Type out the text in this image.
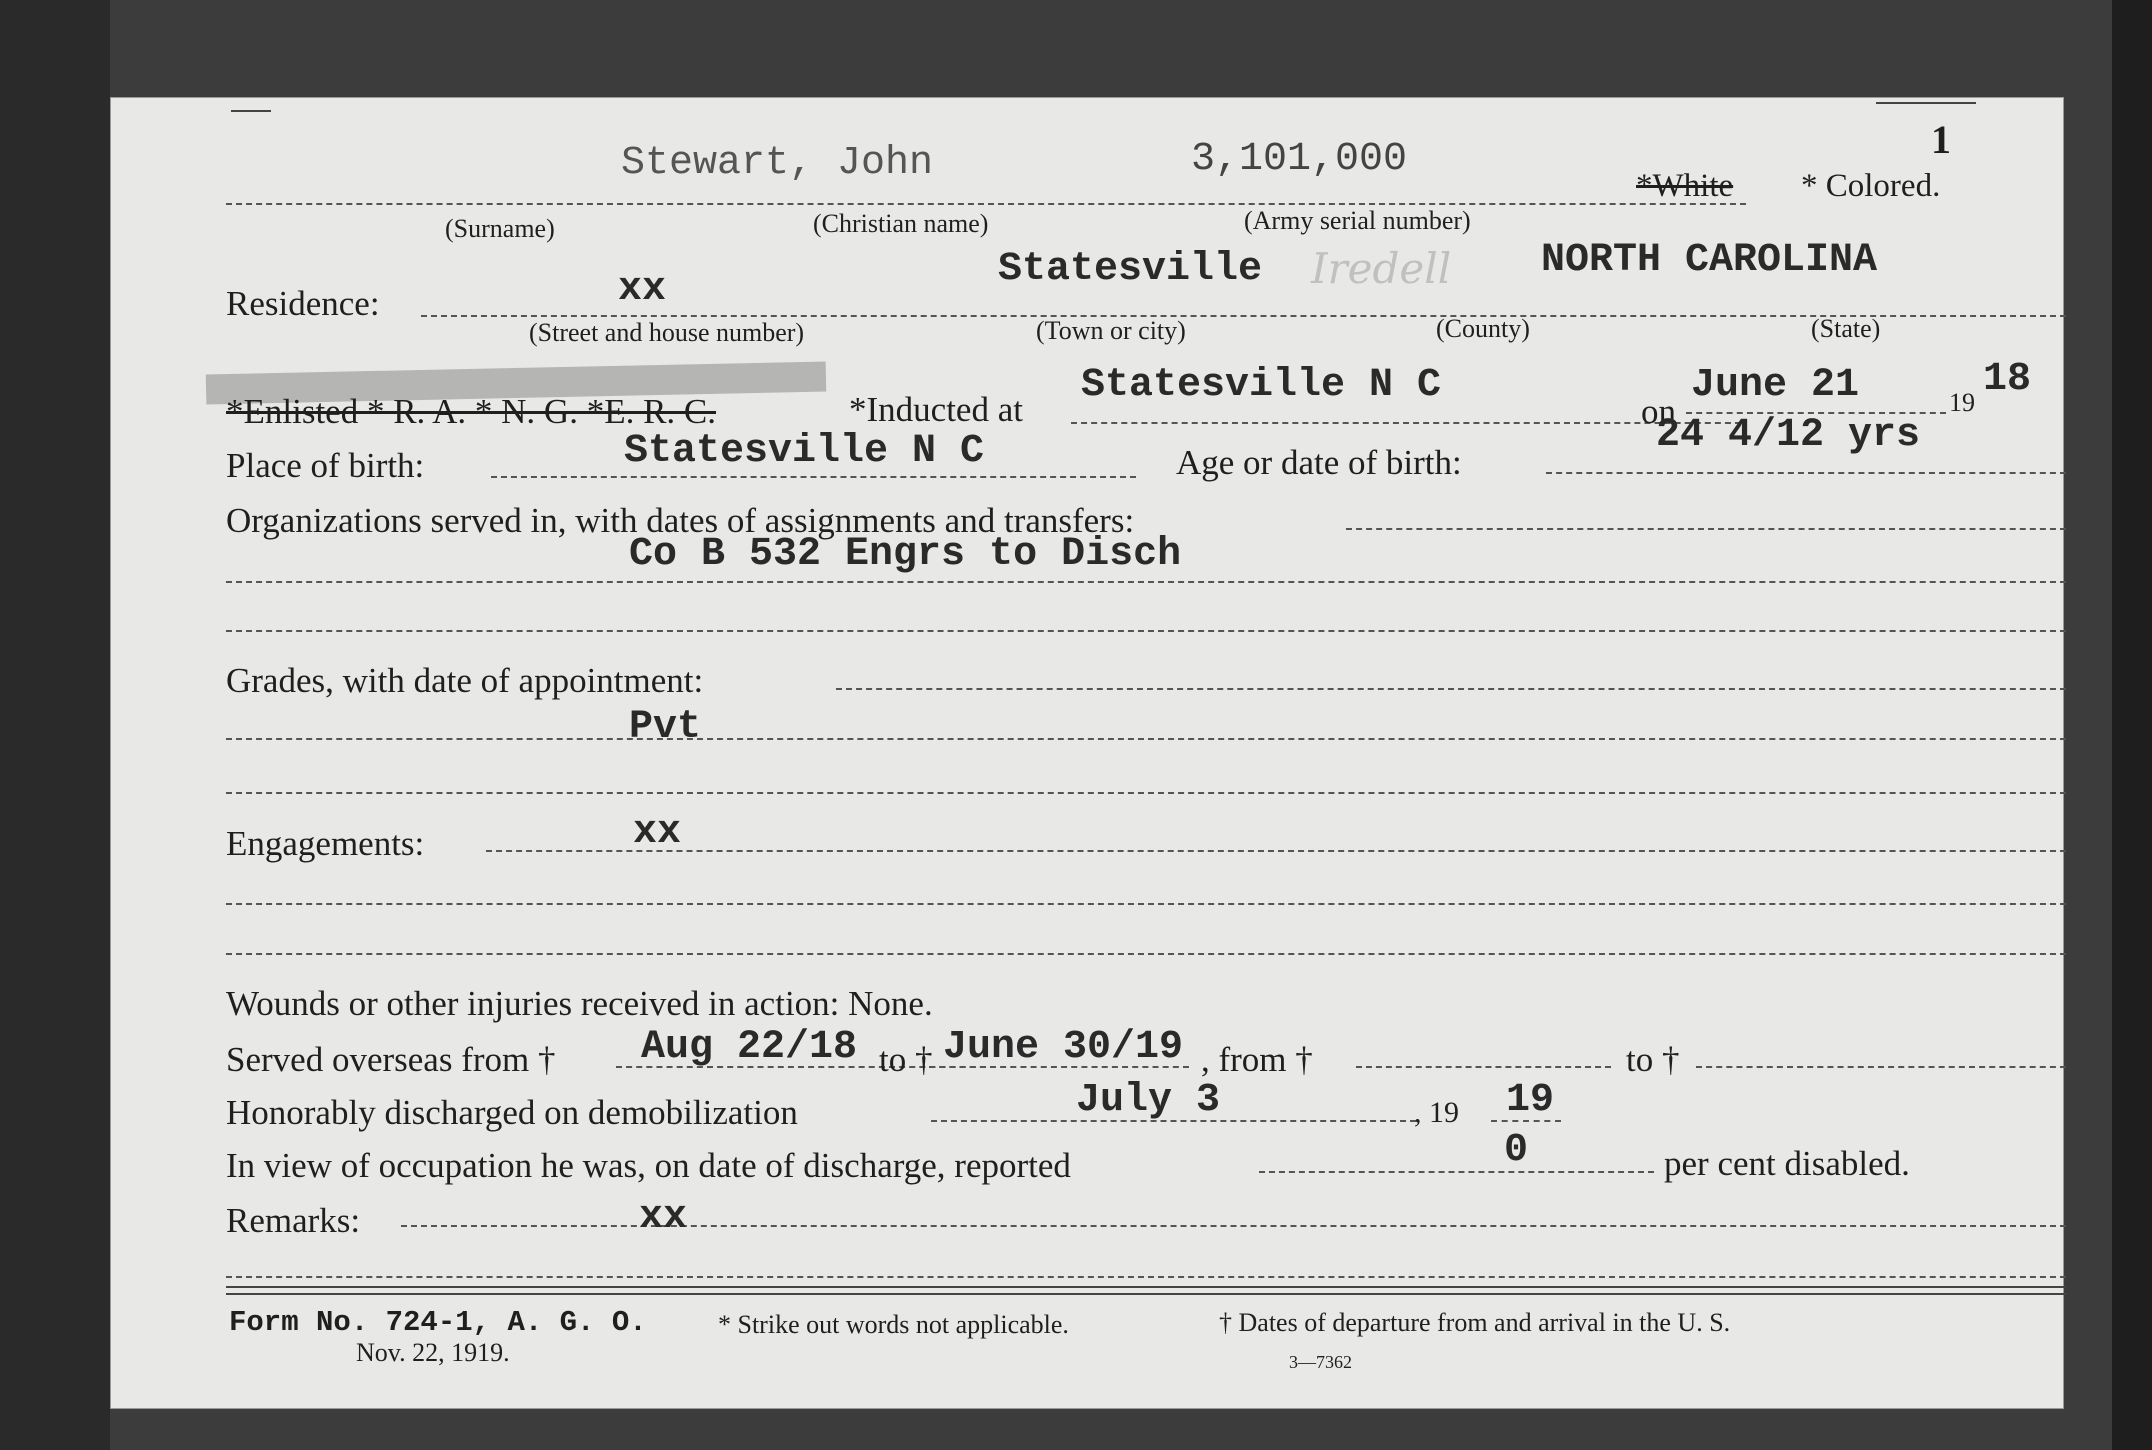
1
Stewart, John	3,101,000
*White * Colored.
(Surname)	(Christian name)	(Army serial number)
Residence:	xx	Statesville Iredell NORTH CAROLINA
(Street and house number)	(Town or city)	(County)	(State)
*Enlisted * R. A. * N. G. *E. R. C.	*Inducted at
Statesville N C
on
June 21	19
18
Place of birth:	Statesville N C	Age or date of birth:
24 4/12 yrs
Organizations served in, with dates of assignments and transfers:
Co B 532 Engrs to Disch
Grades, with date of appointment:
Pvt
Engagements:	xx
Wounds or other injuries received in action: None.
Served overseas from † Aug 22/18 to † June 30/19 , from †	to †
Honorably discharged on demobilization	July 3	, 19 19
In view of occupation he was, on date of discharge, reported	0	per cent disabled.
Remarks:	xx
Form No. 724-1, A. G. O.
Nov. 22, 1919.
* Strike out words not applicable.	† Dates of departure from and arrival in the U. S.
3—7362
